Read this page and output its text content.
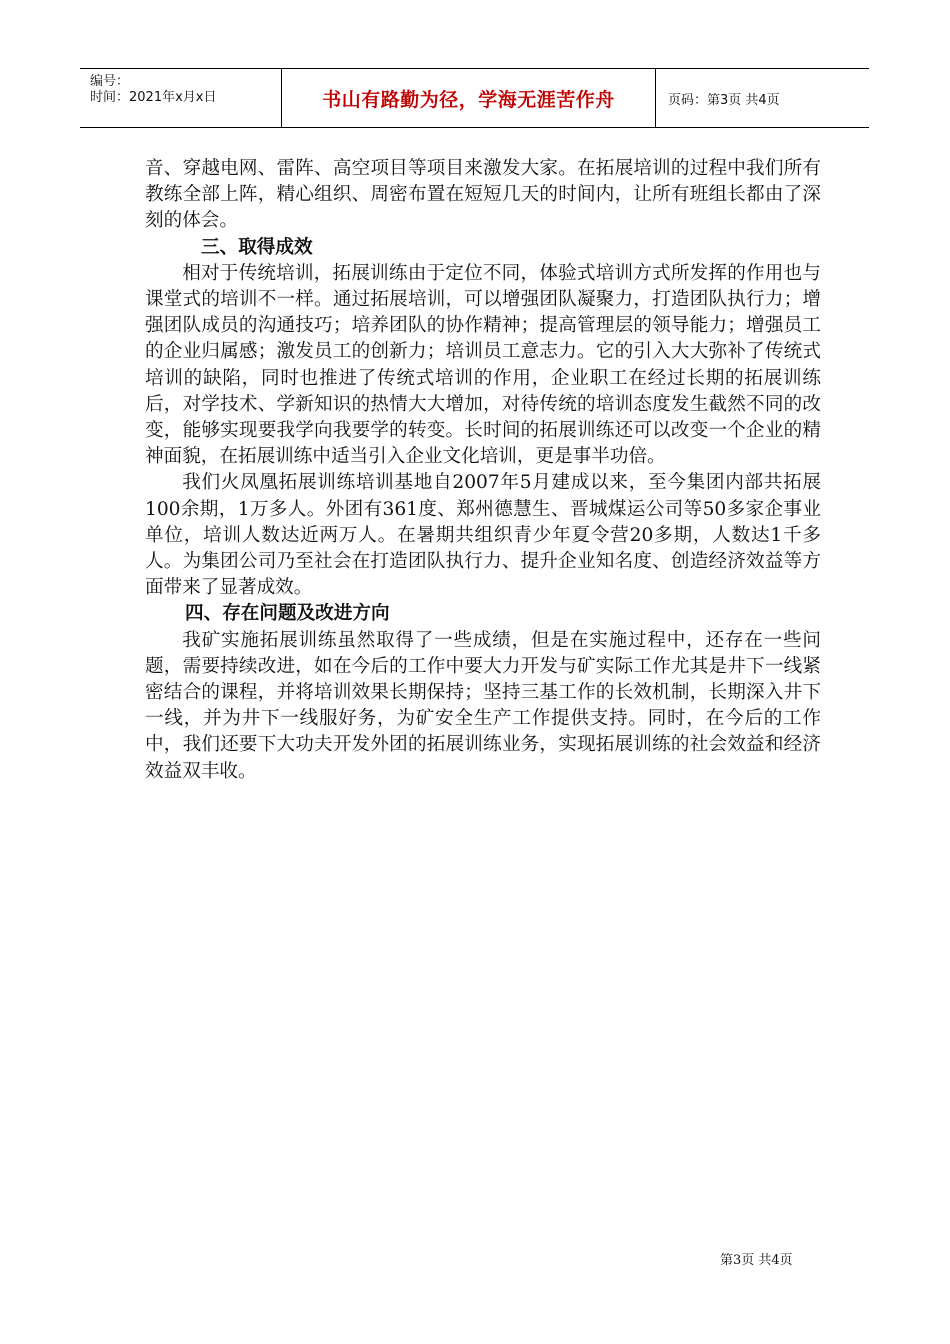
编号：
时间：2021年x月x日	书山有路勤为径，学海无涯苦作舟	页码：第3页 共4页

音、穿越电网、雷阵、高空项目等项目来激发大家。在拓展培训的过程中我们所有教练全部上阵，精心组织、周密布置在短短几天的时间内，让所有班组长都由了深刻的体会。

三、取得成效

相对于传统培训，拓展训练由于定位不同，体验式培训方式所发挥的作用也与课堂式的培训不一样。通过拓展培训，可以增强团队凝聚力，打造团队执行力；增强团队成员的沟通技巧；培养团队的协作精神；提高管理层的领导能力；增强员工的企业归属感；激发员工的创新力；培训员工意志力。它的引入大大弥补了传统式培训的缺陷，同时也推进了传统式培训的作用，企业职工在经过长期的拓展训练后，对学技术、学新知识的热情大大增加，对待传统的培训态度发生截然不同的改变，能够实现要我学向我要学的转变。长时间的拓展训练还可以改变一个企业的精神面貌，在拓展训练中适当引入企业文化培训，更是事半功倍。

我们火凤凰拓展训练培训基地自2007年5月建成以来，至今集团内部共拓展100余期，1万多人。外团有361度、郑州德慧生、晋城煤运公司等50多家企事业单位，培训人数达近两万人。在暑期共组织青少年夏令营20多期，人数达1千多人。为集团公司乃至社会在打造团队执行力、提升企业知名度、创造经济效益等方面带来了显著成效。

四、存在问题及改进方向

我矿实施拓展训练虽然取得了一些成绩，但是在实施过程中，还存在一些问题，需要持续改进，如在今后的工作中要大力开发与矿实际工作尤其是井下一线紧密结合的课程，并将培训效果长期保持；坚持三基工作的长效机制，长期深入井下一线，并为井下一线服好务，为矿安全生产工作提供支持。同时，在今后的工作中，我们还要下大功夫开发外团的拓展训练业务，实现拓展训练的社会效益和经济效益双丰收。

第3页 共4页
